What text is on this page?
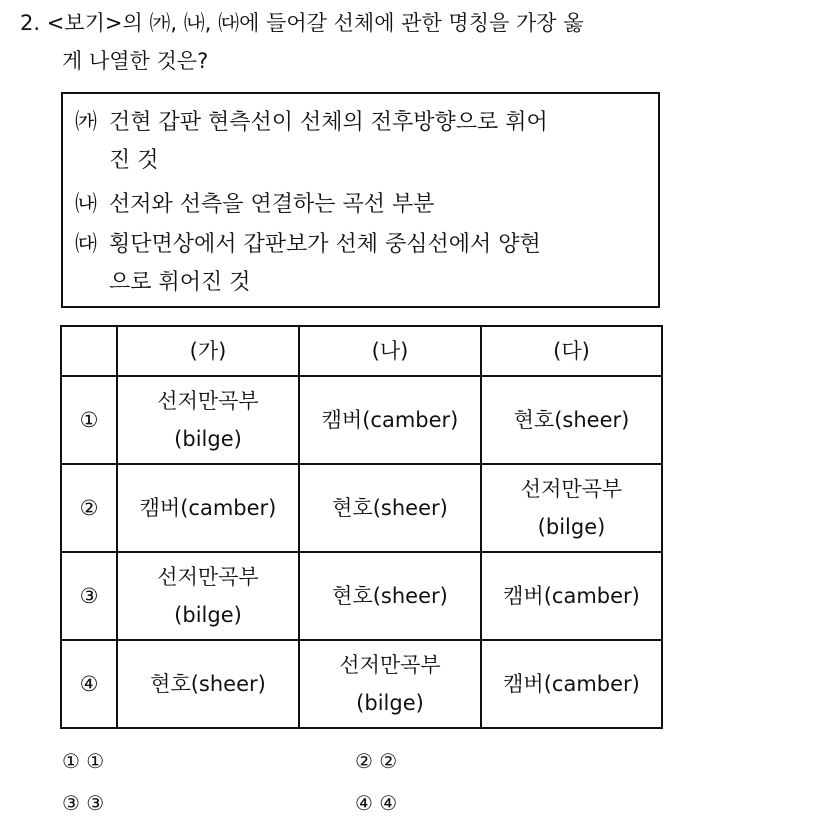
2. <보기>의 ㈎, ㈏, ㈐에 들어갈 선체에 관한 명칭을 가장 옳
게 나열한 것은?
㈎ 건현 갑판 현측선이 선체의 전후방향으로 휘어
진 것
㈏ 선저와 선측을 연결하는 곡선 부분
㈐ 횡단면상에서 갑판보가 선체 중심선에서 양현
으로 휘어진 것
	(가)	(나)	(다)
①	선저만곡부
(bilge)	캠버(camber)	현호(sheer)

②	캠버(camber)	현호(sheer)	선저만곡부
(bilge)

③	선저만곡부
(bilge)	현호(sheer)	캠버(camber)

④	현호(sheer)	선저만곡부
(bilge)	캠버(camber)
① ①	② ②
③ ③	④ ④
